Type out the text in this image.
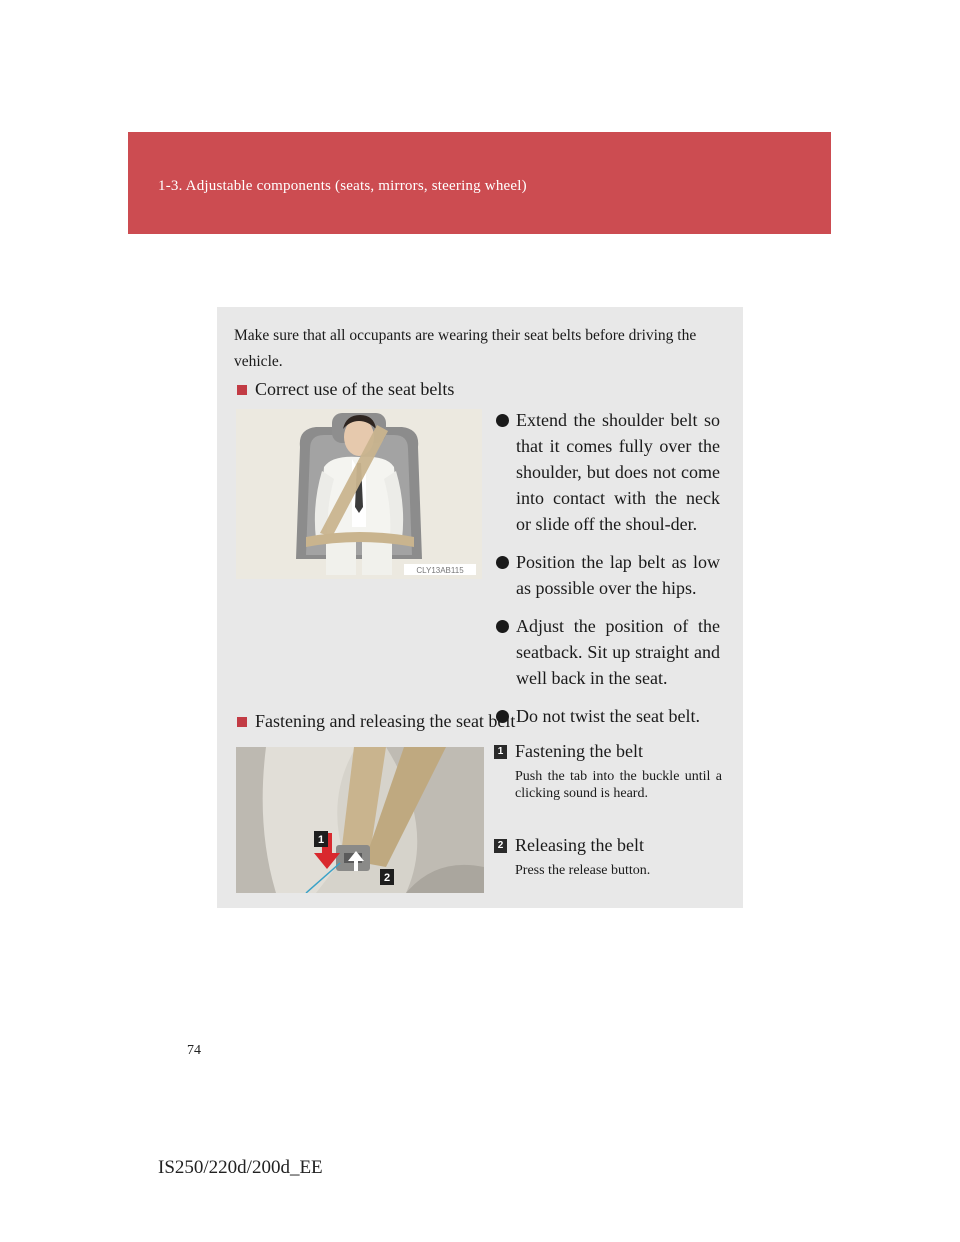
1-3. Adjustable components (seats, mirrors, steering wheel)
Make sure that all occupants are wearing their seat belts before driving the vehicle.
Correct use of the seat belts
CLY13AB115
Extend the shoulder belt so that it comes fully over the shoulder, but does not come into contact with the neck or slide off the shoul-der.
Position the lap belt as low as possible over the hips.
Adjust the position of the seatback. Sit up straight and well back in the seat.
Do not twist the seat belt.
Fastening and releasing the seat belt
1
2
1 Fastening the belt
Push the tab into the buckle until a clicking sound is heard.
2 Releasing the belt
Press the release button.
74
IS250/220d/200d_EE
